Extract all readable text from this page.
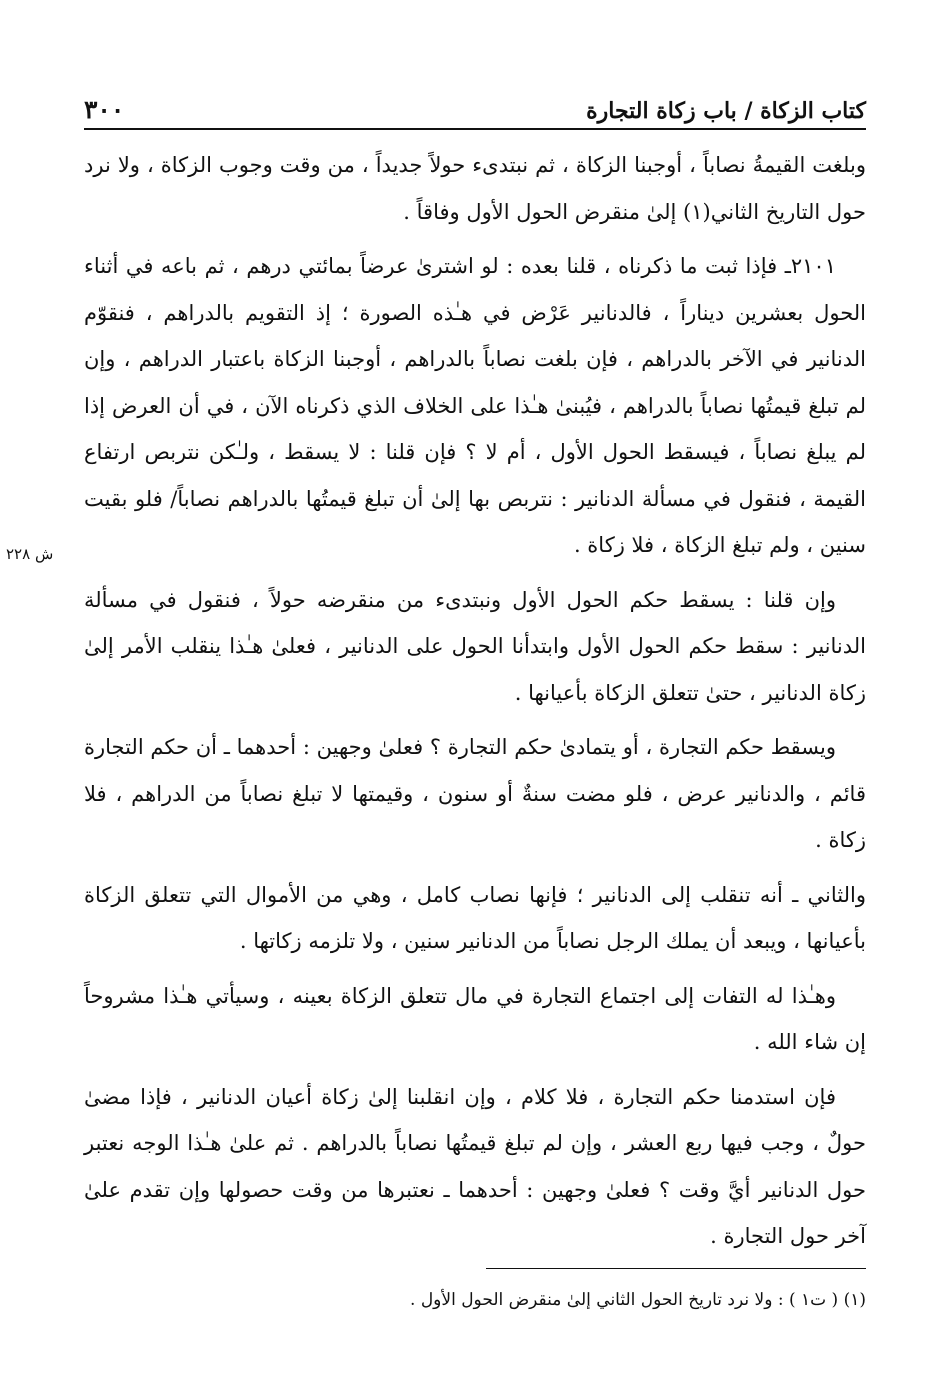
كتاب الزكاة / باب زكاة التجارة
٣٠٠

وبلغت القيمةُ نصاباً ، أوجبنا الزكاة ، ثم نبتدىء حولاً جديداً ، من وقت وجوب الزكاة ، ولا نرد حول التاريخ الثاني(١) إلىٰ منقرض الحول الأول وفاقاً .

٢١٠١ـ فإذا ثبت ما ذكرناه ، قلنا بعده : لو اشترىٰ عرضاً بمائتي درهم ، ثم باعه في أثناء الحول بعشرين ديناراً ، فالدنانير عَرْض في هـٰذه الصورة ؛ إذ التقويم بالدراهم ، فنقوّم الدنانير في الآخر بالدراهم ، فإن بلغت نصاباً بالدراهم ، أوجبنا الزكاة باعتبار الدراهم ، وإن لم تبلغ قيمتُها نصاباً بالدراهم ، فيُبنىٰ هـٰذا على الخلاف الذي ذكرناه الآن ، في أن العرض إذا لم يبلغ نصاباً ، فيسقط الحول الأول ، أم لا ؟ فإن قلنا : لا يسقط ، ولـٰكن نتربص ارتفاع القيمة ، فنقول في مسألة الدنانير : نتربص بها إلىٰ أن تبلغ قيمتُها بالدراهم نصاباً/ فلو بقيت سنين ، ولم تبلغ الزكاة ، فلا زكاة .

وإن قلنا : يسقط حكم الحول الأول ونبتدىء من منقرضه حولاً ، فنقول في مسألة الدنانير : سقط حكم الحول الأول وابتدأنا الحول على الدنانير ، فعلىٰ هـٰذا ينقلب الأمر إلىٰ زكاة الدنانير ، حتىٰ تتعلق الزكاة بأعيانها .

ويسقط حكم التجارة ، أو يتمادىٰ حكم التجارة ؟ فعلىٰ وجهين : أحدهما ـ أن حكم التجارة قائم ، والدنانير عرض ، فلو مضت سنةٌ أو سنون ، وقيمتها لا تبلغ نصاباً من الدراهم ، فلا زكاة .

والثاني ـ أنه تنقلب إلى الدنانير ؛ فإنها نصاب كامل ، وهي من الأموال التي تتعلق الزكاة بأعيانها ، ويبعد أن يملك الرجل نصاباً من الدنانير سنين ، ولا تلزمه زكاتها .

وهـٰذا له التفات إلى اجتماع التجارة في مال تتعلق الزكاة بعينه ، وسيأتي هـٰذا مشروحاً إن شاء الله .

فإن استدمنا حكم التجارة ، فلا كلام ، وإن انقلبنا إلىٰ زكاة أعيان الدنانير ، فإذا مضىٰ حولٌ ، وجب فيها ربع العشر ، وإن لم تبلغ قيمتُها نصاباً بالدراهم . ثم علىٰ هـٰذا الوجه نعتبر حول الدنانير أيَّ وقت ؟ فعلىٰ وجهين : أحدهما ـ نعتبرها من وقت حصولها وإن تقدم علىٰ آخر حول التجارة .

ش ٢٢٨
(١) ( ت١ ) : ولا نرد تاريخ الحول الثاني إلىٰ منقرض الحول الأول .
